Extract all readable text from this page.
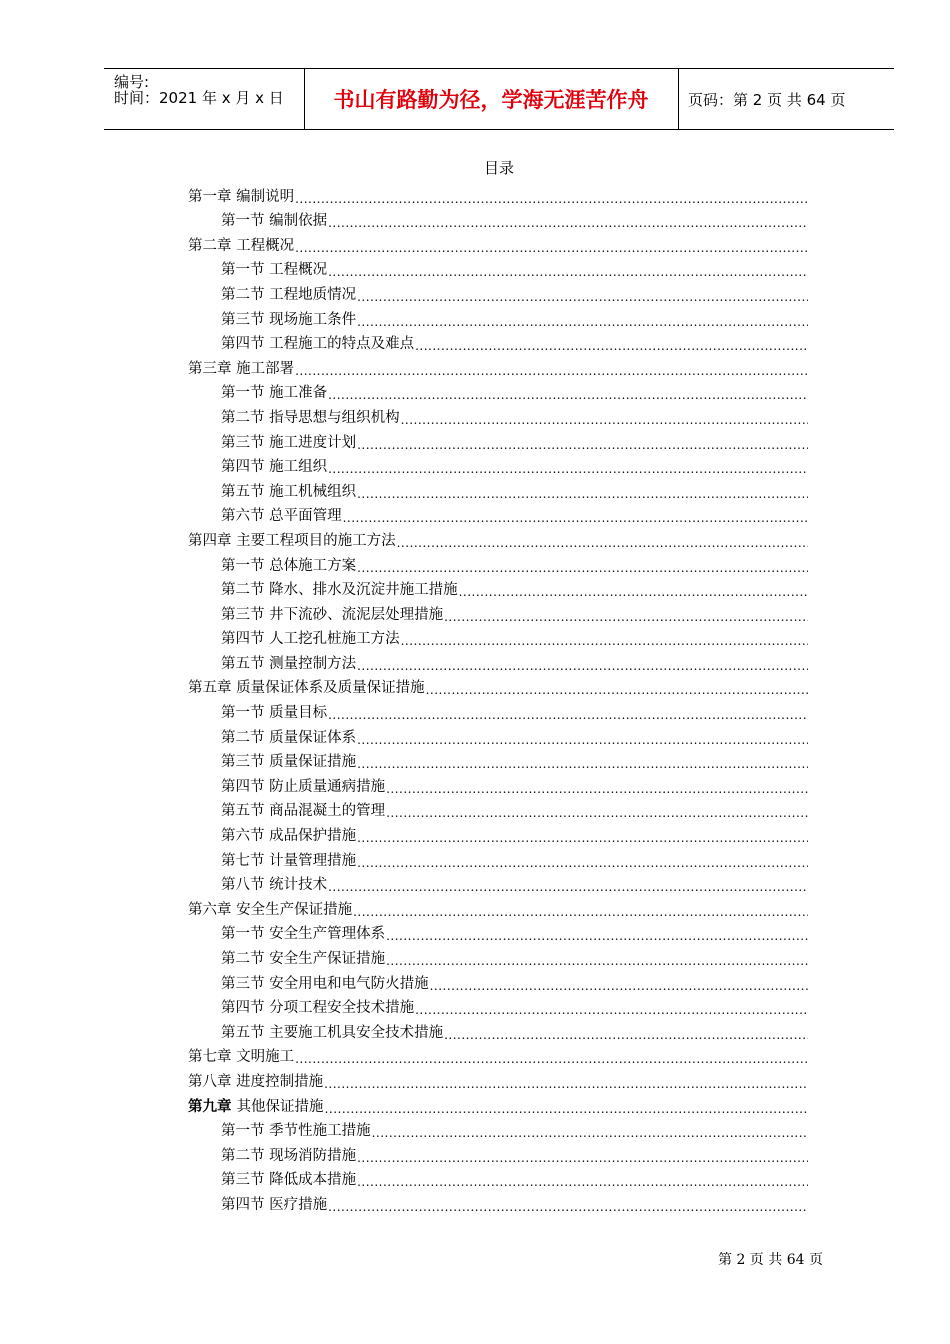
编号:
时间：2021 年 x 月 x 日 书山有路勤为径，学海无涯苦作舟	页码：第 2 页 共 64 页
目录
第一章 编制说明
.....
第一节 编制依据
.....
第二章 工程概况
.....
第一节 工程概况
.....
第二节 工程地质情况
.....
第三节 现场施工条件
.....
第四节 工程施工的特点及难点
.....
第三章 施工部署
.....
第一节 施工准备
.....
第二节 指导思想与组织机构
.....
第三节 施工进度计划
.....
第四节 施工组织
.....
第五节 施工机械组织
.....
第六节 总平面管理
.....
第四章 主要工程项目的施工方法
.....
第一节 总体施工方案
.....
第二节 降水、排水及沉淀井施工措施
.....
第三节 井下流砂、流泥层处理措施
.....
第四节 人工挖孔桩施工方法
.....
第五节 测量控制方法
.....
第五章 质量保证体系及质量保证措施
.....
第一节 质量目标
.....
第二节 质量保证体系
.....
第三节 质量保证措施
.....
第四节 防止质量通病措施
.....
第五节 商品混凝土的管理
.....
第六节 成品保护措施
.....
第七节 计量管理措施
.....
第八节 统计技术
.....
第六章 安全生产保证措施
.....
第一节 安全生产管理体系
.....
第二节 安全生产保证措施
.....
第三节 安全用电和电气防火措施
.....
第四节 分项工程安全技术措施
.....
第五节 主要施工机具安全技术措施
.....
第七章 文明施工
.....
第八章 进度控制措施
.....
第九章 其他保证措施
.....
第一节 季节性施工措施
.....
第二节 现场消防措施
.....
第三节 降低成本措施
.....
第四节 医疗措施
.....
第 2 页 共 64 页
